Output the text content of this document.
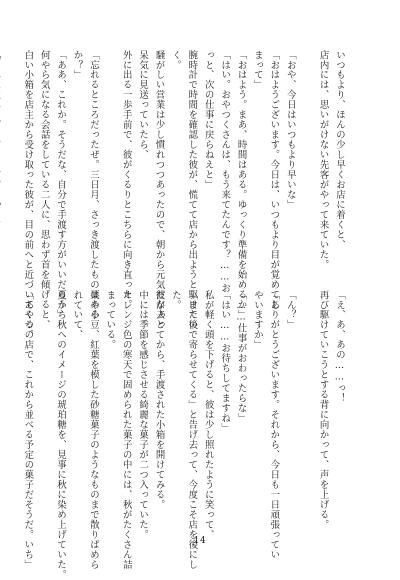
いつもより、ほんの少し早くお店に着くと、
店内には、思いがけない先客がやって来ていた。

「おや、今日はいつもより早いな」
「おはようございます。今日は、いつもより目が覚めてし
まって」
「おはよう。まあ、時間はある。ゆっくり準備を始めるか」
「はい。おやつくさんは、もう来てたんです？……お
っと、次の仕事に戻らねえと」
腕時計で時間を確認した彼が、慌てて店から出ようと駆けてい
く。
騒がしい営業は少し慣れつつあったので、朝から元気だなぁと
呆気に見送っていたら、
外に出る一歩手前で、彼がくるりとこちらに向き直った。

「忘れるところだったぜ。三日月、さっき渡したものはある
か？」
「ああ、これか。そうだな、自分で手渡す方がいいだろう」
何やら気になる会話をしている二人に、思わず首を傾げると、
白い小箱を店主から受け取った彼が、目の前へと近づいてくる。

「え、あ、あの……っ！
再び駆けていこうとする背に向かって、声を上げる。

「ん？」
「ありがとうございます。それから、今日も一日頑張ってい
やいますか」
「……仕事がおわったらな」
「はい……お待ちしてますね」
私が軽く頭を下げると、彼は少し照れたように笑って、
「また後で寄らせてくる」と告げ去って、今度こそ店を後にし
た。
彼が去ってから、手渡された小箱を開けてみる。
中には季節を感じさせる綺麗な菓子が二つ入っていた。
オレンジ色の寒天で固められた菓子の中には、秋がたくさん詰
まっている。
栗や小豆、紅葉を模した砂糖菓子のようなものまで散りばめら
れていて、
夏から秋へのイメージの琥珀糖を、見事に秋に染め上げていた。

「あやつの店で、これから並べる予定の菓子だそうだ。いち」	14
